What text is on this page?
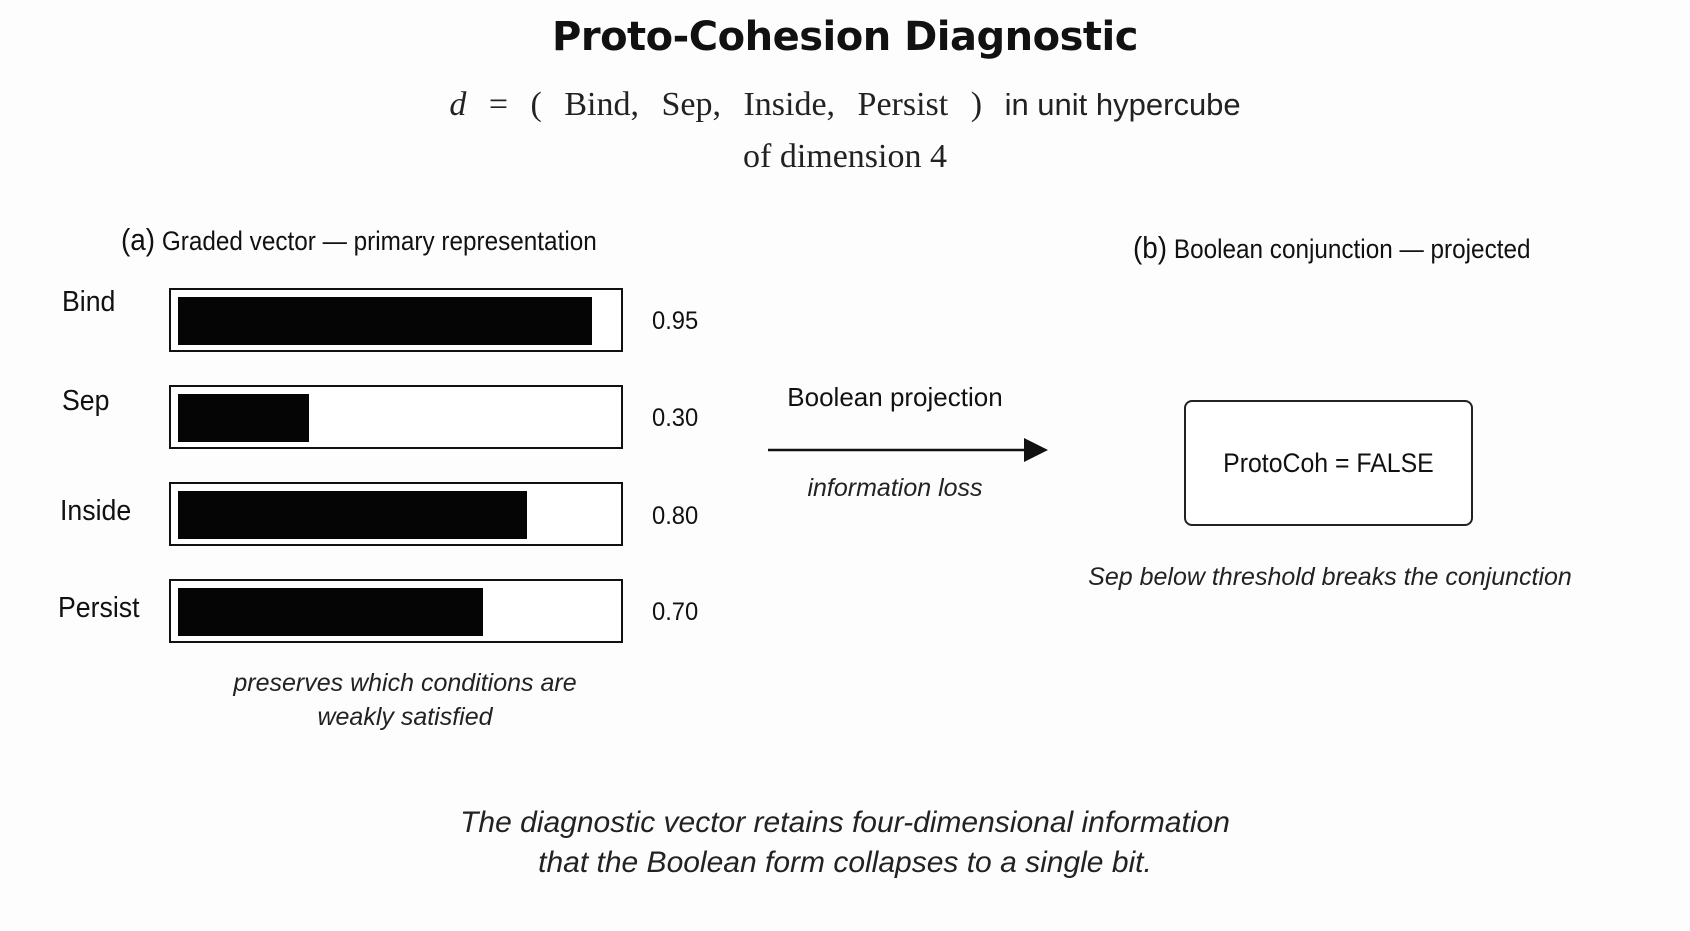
Proto-Cohesion Diagnostic
d = ( Bind, Sep, Inside, Persist ) in unit hypercube
of dimension 4
(a) Graded vector — primary representation
Bind
0.95
Sep
0.30
Inside	0.80
Persist	0.70
preserves which conditions are weakly satisfied
Boolean projection
information loss
(b) Boolean conjunction — projected
ProtoCoh = FALSE
Sep below threshold breaks the conjunction
The diagnostic vector retains four-dimensional information
that the Boolean form collapses to a single bit.
